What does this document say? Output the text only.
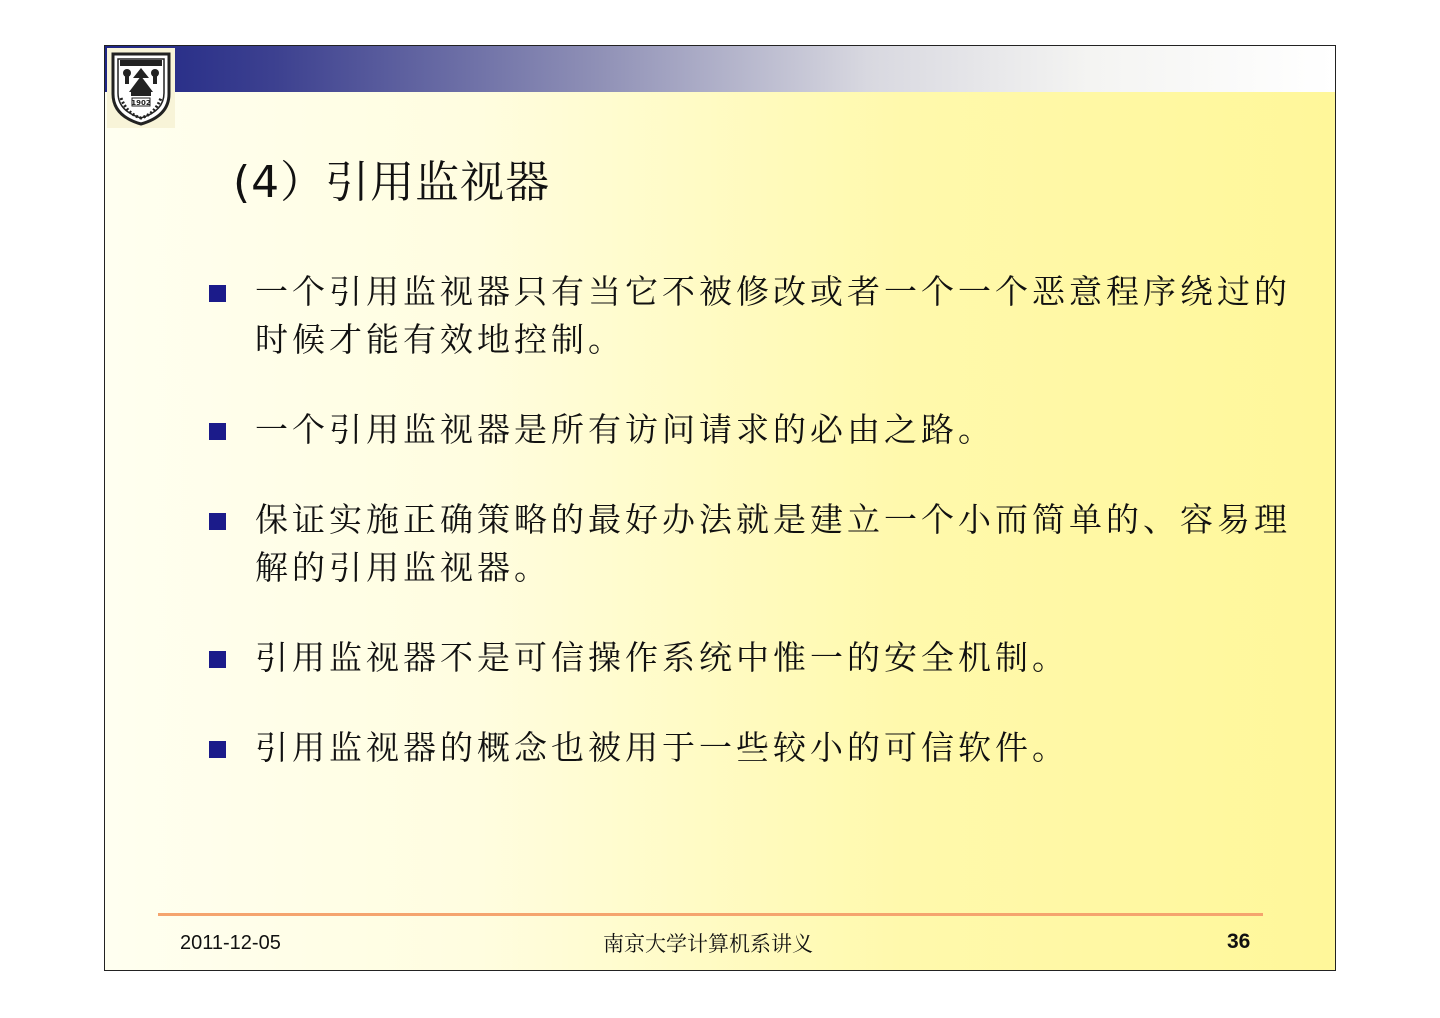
1902
(4）引用监视器
一个引用监视器只有当它不被修改或者一个一个恶意程序绕过的时候才能有效地控制。
一个引用监视器是所有访问请求的必由之路。
保证实施正确策略的最好办法就是建立一个小而简单的、容易理解的引用监视器。
引用监视器不是可信操作系统中惟一的安全机制。
引用监视器的概念也被用于一些较小的可信软件。
2011-12-05	南京大学计算机系讲义	36
